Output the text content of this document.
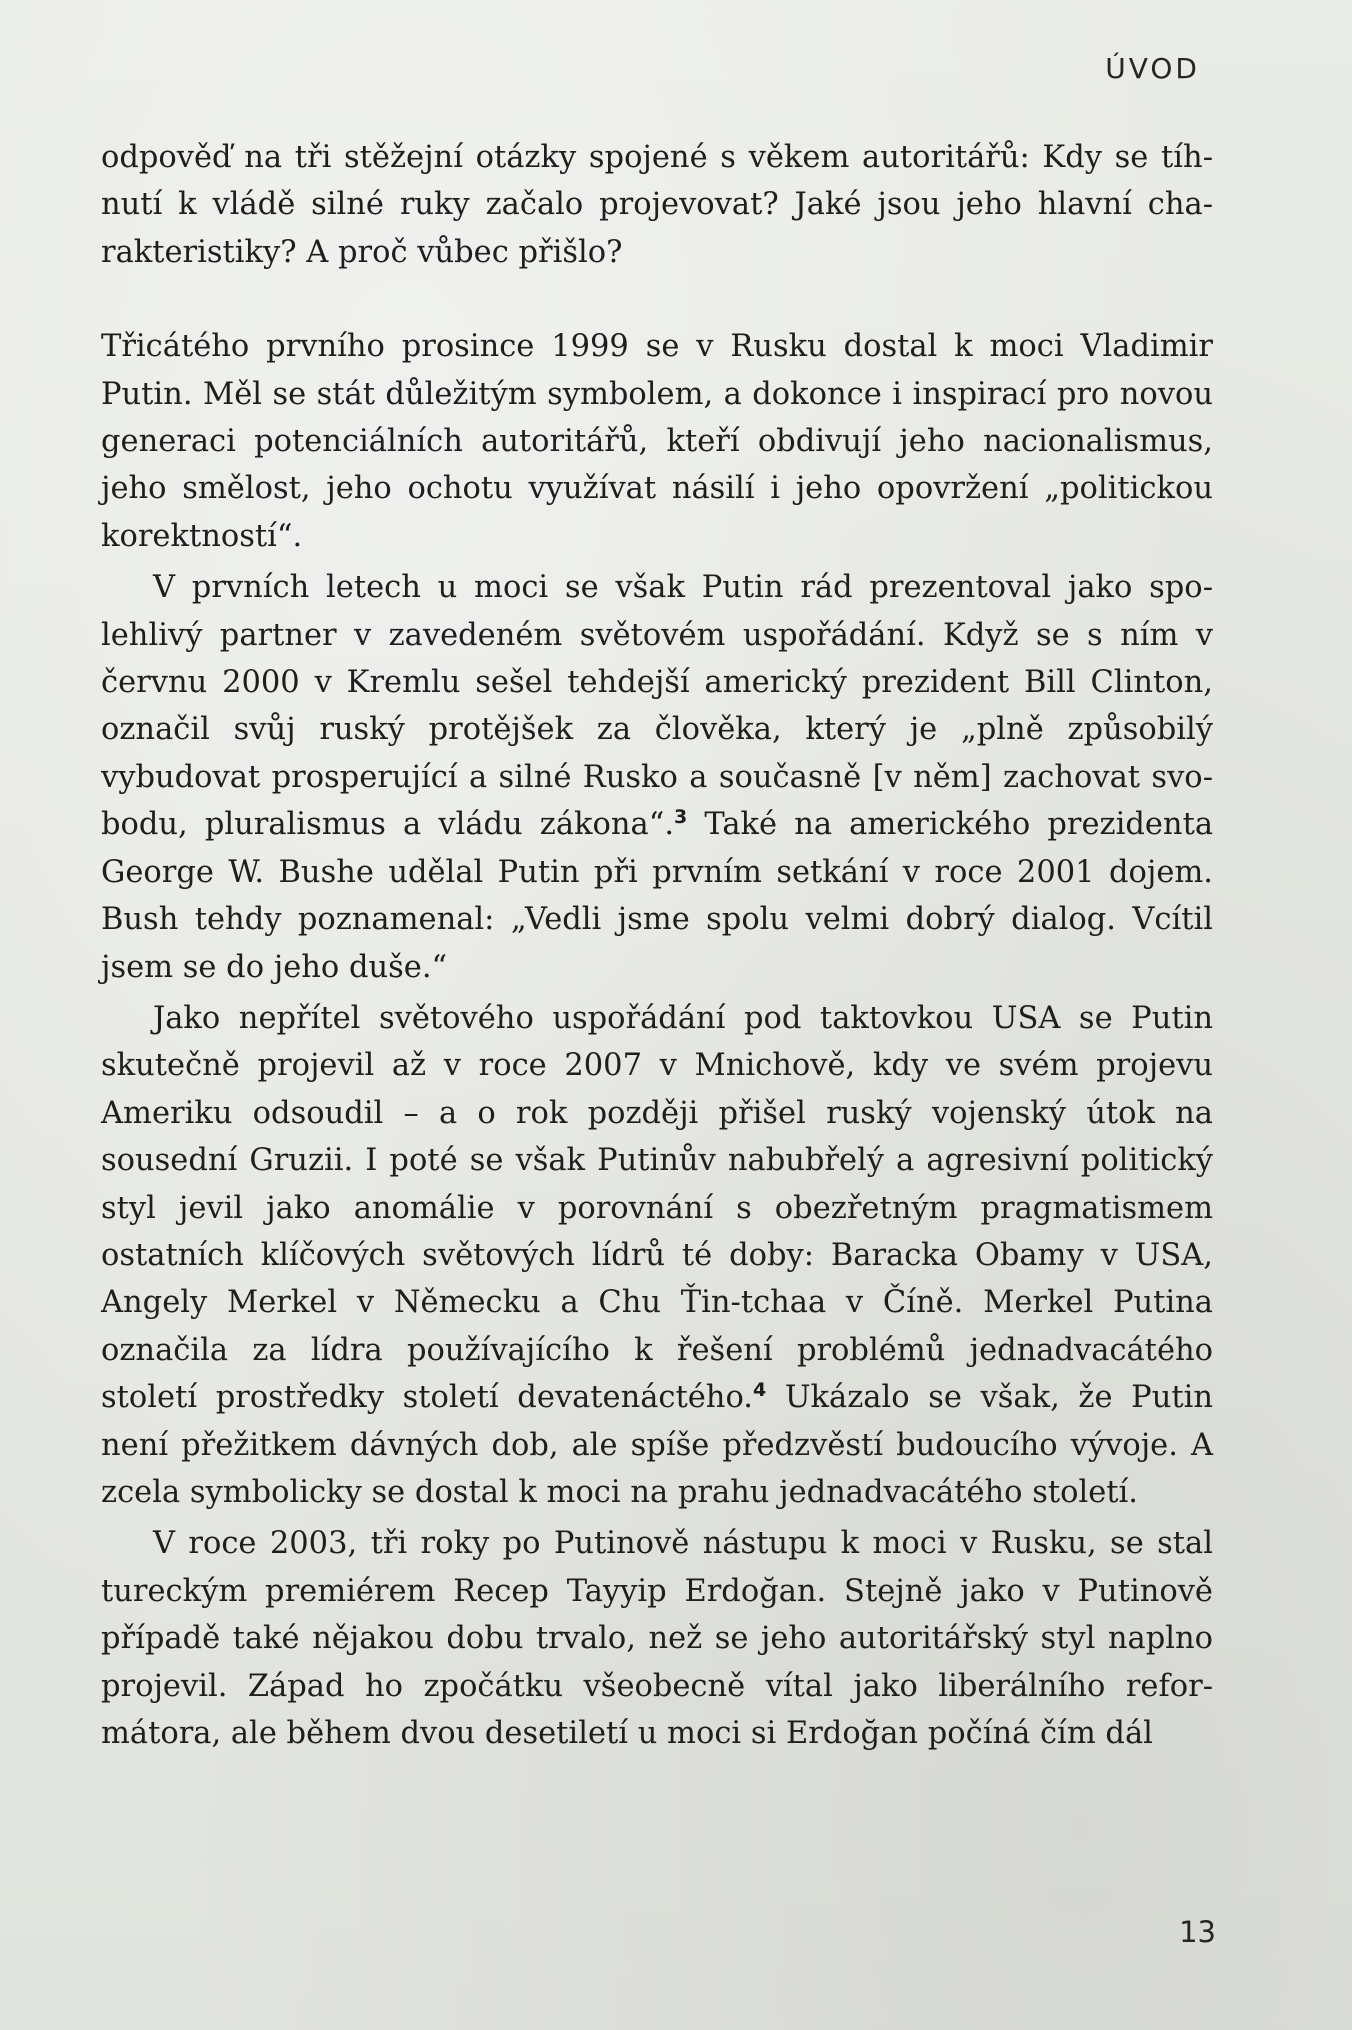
ÚVOD

odpověď na tři stěžejní otázky spojené s věkem autoritářů: Kdy se tíhnutí k vládě silné ruky začalo projevovat? Jaké jsou jeho hlavní charakteristiky? A proč vůbec přišlo?

Třicátého prvního prosince 1999 se v Rusku dostal k moci Vladimir Putin. Měl se stát důležitým symbolem, a dokonce i inspirací pro novou generaci potenciálních autoritářů, kteří obdivují jeho nacionalismus, jeho smělost, jeho ochotu využívat násilí i jeho opovržení „politickou korektností“.

V prvních letech u moci se však Putin rád prezentoval jako spolehlivý partner v zavedeném světovém uspořádání. Když se s ním v červnu 2000 v Kremlu sešel tehdejší americký prezident Bill Clinton, označil svůj ruský protějšek za člověka, který je „plně způsobilý vybudovat prosperující a silné Rusko a současně [v něm] zachovat svobodu, pluralismus a vládu zákona“.$^3$ Také na amerického prezidenta George W. Bushe udělal Putin při prvním setkání v roce 2001 dojem. Bush tehdy poznamenal: „Vedli jsme spolu velmi dobrý dialog. Vcítil jsem se do jeho duše.“

Jako nepřítel světového uspořádání pod taktovkou USA se Putin skutečně projevil až v roce 2007 v Mnichově, kdy ve svém projevu Ameriku odsoudil – a o rok později přišel ruský vojenský útok na sousední Gruzii. I poté se však Putinův nabubřelý a agresivní politický styl jevil jako anomálie v porovnání s obezřetným pragmatismem ostatních klíčových světových lídrů té doby: Baracka Obamy v USA, Angely Merkel v Německu a Chu Ťin-tchaa v Číně. Merkel Putina označila za lídra používajícího k řešení problémů jednadvacátého století prostředky století devatenáctého.$^4$ Ukázalo se však, že Putin není přežitkem dávných dob, ale spíše předzvěstí budoucího vývoje. A zcela symbolicky se dostal k moci na prahu jednadvacátého století.

V roce 2003, tři roky po Putinově nástupu k moci v Rusku, se stal tureckým premiérem Recep Tayyip Erdoğan. Stejně jako v Putinově případě také nějakou dobu trvalo, než se jeho autoritářský styl naplno projevil. Západ ho zpočátku všeobecně vítal jako liberálního reformátora, ale během dvou desetiletí u moci si Erdoğan počíná čím dál

13
